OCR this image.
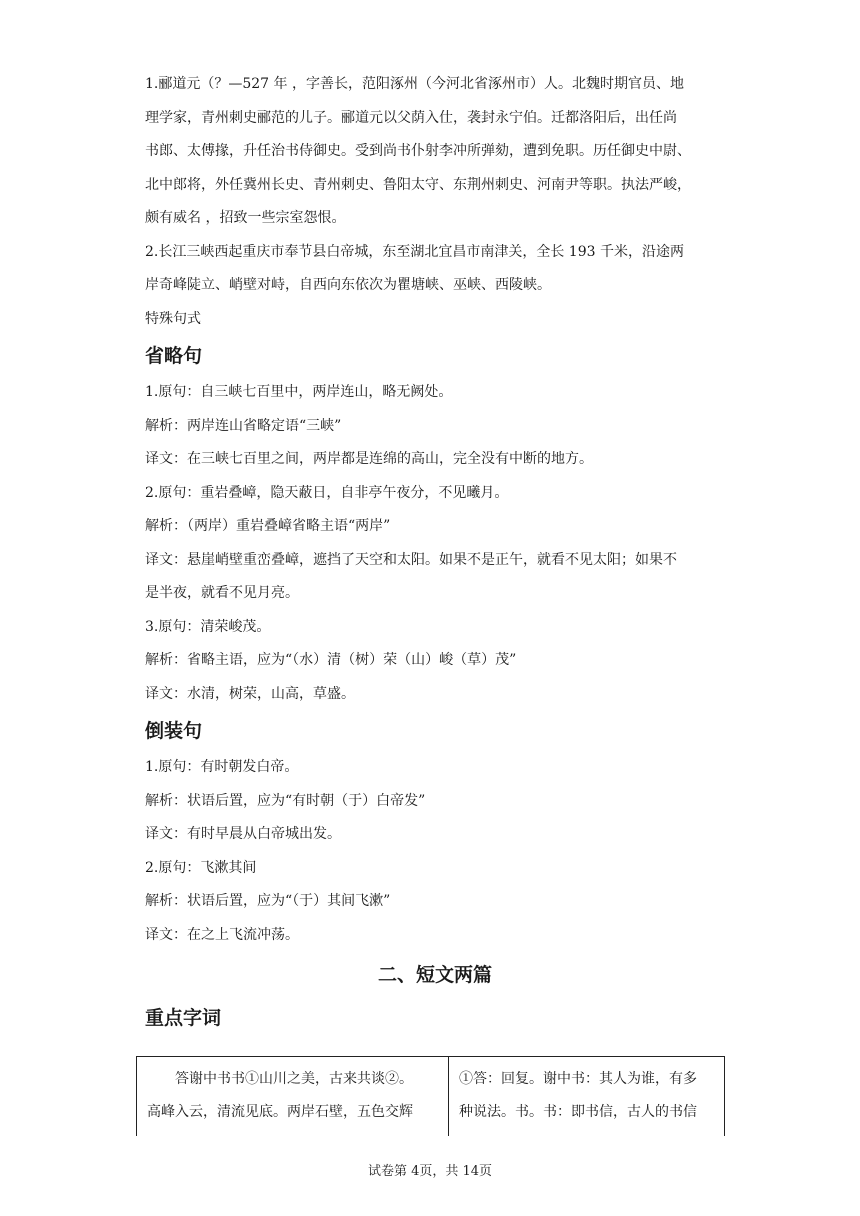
1.郦道元（？—527 年 ，字善长，范阳涿州（今河北省涿州市）人。北魏时期官员、地

理学家，青州刺史郦范的儿子。郦道元以父荫入仕，袭封永宁伯。迁都洛阳后，出任尚

书郎、太傅掾，升任治书侍御史。受到尚书仆射李冲所弹劾，遭到免职。历任御史中尉、

北中郎将，外任冀州长史、青州刺史、鲁阳太守、东荆州刺史、河南尹等职。执法严峻，

颇有威名 ，招致一些宗室怨恨。

2.长江三峡西起重庆市奉节县白帝城，东至湖北宜昌市南津关，全长 193 千米，沿途两

岸奇峰陡立、峭壁对峙，自西向东依次为瞿塘峡、巫峡、西陵峡。

特殊句式

省略句

1.原句：自三峡七百里中，两岸连山，略无阙处。

解析：两岸连山省略定语“三峡”

译文：在三峡七百里之间，两岸都是连绵的高山，完全没有中断的地方。

2.原句：重岩叠嶂，隐天蔽日，自非亭午夜分，不见曦月。

解析：（两岸）重岩叠嶂省略主语“两岸”

译文：悬崖峭壁重峦叠嶂，遮挡了天空和太阳。如果不是正午，就看不见太阳；如果不

是半夜，就看不见月亮。

3.原句：清荣峻茂。

解析：省略主语，应为“（水）清（树）荣（山）峻（草）茂”

译文：水清，树荣，山高，草盛。

倒装句

1.原句：有时朝发白帝。

解析：状语后置，应为“有时朝（于）白帝发”

译文：有时早晨从白帝城出发。

2.原句：飞漱其间

解析：状语后置，应为“（于）其间飞漱”

译文：在之上飞流冲荡。

二、短文两篇
重点字词
答谢中书书①山川之美，古来共谈②。
高峰入云，清流见底。两岸石壁，五色交辉
①答：回复。谢中书：其人为谁，有多
种说法。书。书：即书信，古人的书信
试卷第 4页，共 14页
